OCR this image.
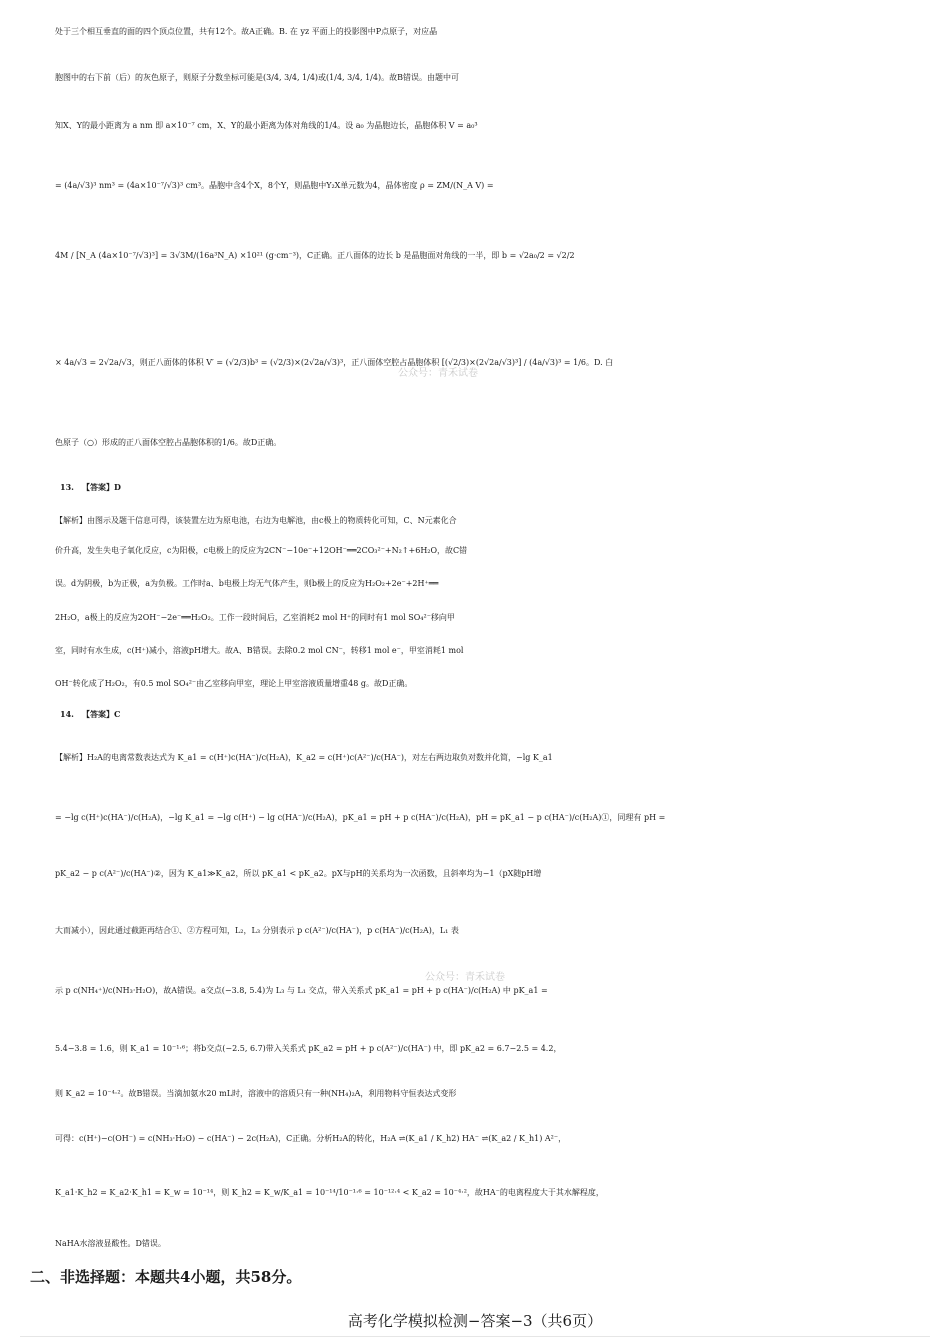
处于三个相互垂直的面的四个顶点位置，共有12个。故A正确。B. 在 yz 平面上的投影图中P点原子，对应晶
胞图中的右下前（后）的灰色原子，则原子分数坐标可能是(3/4, 3/4, 1/4)或(1/4, 3/4, 1/4)。故B错误。由题中可
知X、Y的最小距离为 a nm 即 a×10⁻⁷ cm，X、Y的最小距离为体对角线的1/4。设 a₀ 为晶胞边长，晶胞体积 V = a₀³
= (4a/√3)³ nm³ = (4a×10⁻⁷/√3)³ cm³。晶胞中含4个X，8个Y，则晶胞中Y₂X单元数为4，晶体密度 ρ = ZM/(N_A V) =
4M / [N_A (4a×10⁻⁷/√3)³] = 3√3M/(16a³N_A) ×10²¹ (g·cm⁻³)，C正确。正八面体的边长 b 是晶胞面对角线的一半，即 b = √2a₀/2 = √2/2
× 4a/√3 = 2√2a/√3，则正八面体的体积 V′ = (√2/3)b³ = (√2/3)×(2√2a/√3)³，正八面体空腔占晶胞体积 [(√2/3)×(2√2a/√3)³] / (4a/√3)³ = 1/6。D. 白
色原子（○）形成的正八面体空腔占晶胞体积的1/6。故D正确。
13. 【答案】D
【解析】由图示及题干信息可得，该装置左边为原电池，右边为电解池，由c极上的物质转化可知，C、N元素化合
价升高，发生失电子氧化反应，c为阳极，c电极上的反应为2CN⁻−10e⁻+12OH⁻══2CO₃²⁻+N₂↑+6H₂O，故C错
误。d为阴极，b为正极，a为负极。工作时a、b电极上均无气体产生，则b极上的反应为H₂O₂+2e⁻+2H⁺══
2H₂O，a极上的反应为2OH⁻−2e⁻══H₂O₂。工作一段时间后，乙室消耗2 mol H⁺的同时有1 mol SO₄²⁻移向甲
室，同时有水生成，c(H⁺)减小，溶液pH增大。故A、B错误。去除0.2 mol CN⁻，转移1 mol e⁻，甲室消耗1 mol
OH⁻转化成了H₂O₂，有0.5 mol SO₄²⁻由乙室移向甲室，理论上甲室溶液质量增重48 g。故D正确。
14. 【答案】C
【解析】H₂A的电离常数表达式为 K_a1 = c(H⁺)c(HA⁻)/c(H₂A)，K_a2 = c(H⁺)c(A²⁻)/c(HA⁻)，对左右两边取负对数并化简，−lg K_a1
= −lg c(H⁺)c(HA⁻)/c(H₂A)，−lg K_a1 = −lg c(H⁺) − lg c(HA⁻)/c(H₂A)，pK_a1 = pH + p c(HA⁻)/c(H₂A)，pH = pK_a1 − p c(HA⁻)/c(H₂A)①，同理有 pH =
pK_a2 − p c(A²⁻)/c(HA⁻)②，因为 K_a1≫K_a2，所以 pK_a1 < pK_a2。pX与pH的关系均为一次函数，且斜率均为−1（pX随pH增
大而减小），因此通过截距再结合①、②方程可知，L₂，L₃ 分别表示 p c(A²⁻)/c(HA⁻)，p c(HA⁻)/c(H₂A)，L₁ 表
示 p c(NH₄⁺)/c(NH₃·H₂O)，故A错误。a交点(−3.8, 5.4)为 L₃ 与 L₁ 交点，带入关系式 pK_a1 = pH + p c(HA⁻)/c(H₂A) 中 pK_a1 =
5.4−3.8 = 1.6，则 K_a1 = 10⁻¹·⁶；将b交点(−2.5, 6.7)带入关系式 pK_a2 = pH + p c(A²⁻)/c(HA⁻) 中，即 pK_a2 = 6.7−2.5 = 4.2，
则 K_a2 = 10⁻⁴·²。故B错误。当滴加氨水20 mL时，溶液中的溶质只有一种(NH₄)₂A，利用物料守恒表达式变形
可得：c(H⁺)−c(OH⁻) = c(NH₃·H₂O) − c(HA⁻) − 2c(H₂A)，C正确。分析H₂A的转化，H₂A ⇌(K_a1 / K_h2) HA⁻ ⇌(K_a2 / K_h1) A²⁻，
K_a1·K_h2 = K_a2·K_h1 = K_w = 10⁻¹⁴，则 K_h2 = K_w/K_a1 = 10⁻¹⁴/10⁻¹·⁶ = 10⁻¹²·⁴ < K_a2 = 10⁻⁴·²，故HA⁻的电离程度大于其水解程度，
NaHA水溶液显酸性。D错误。
二、非选择题：本题共4小题，共58分。
公众号：青禾试卷
公众号：青禾试卷
高考化学模拟检测−答案−3（共6页）
